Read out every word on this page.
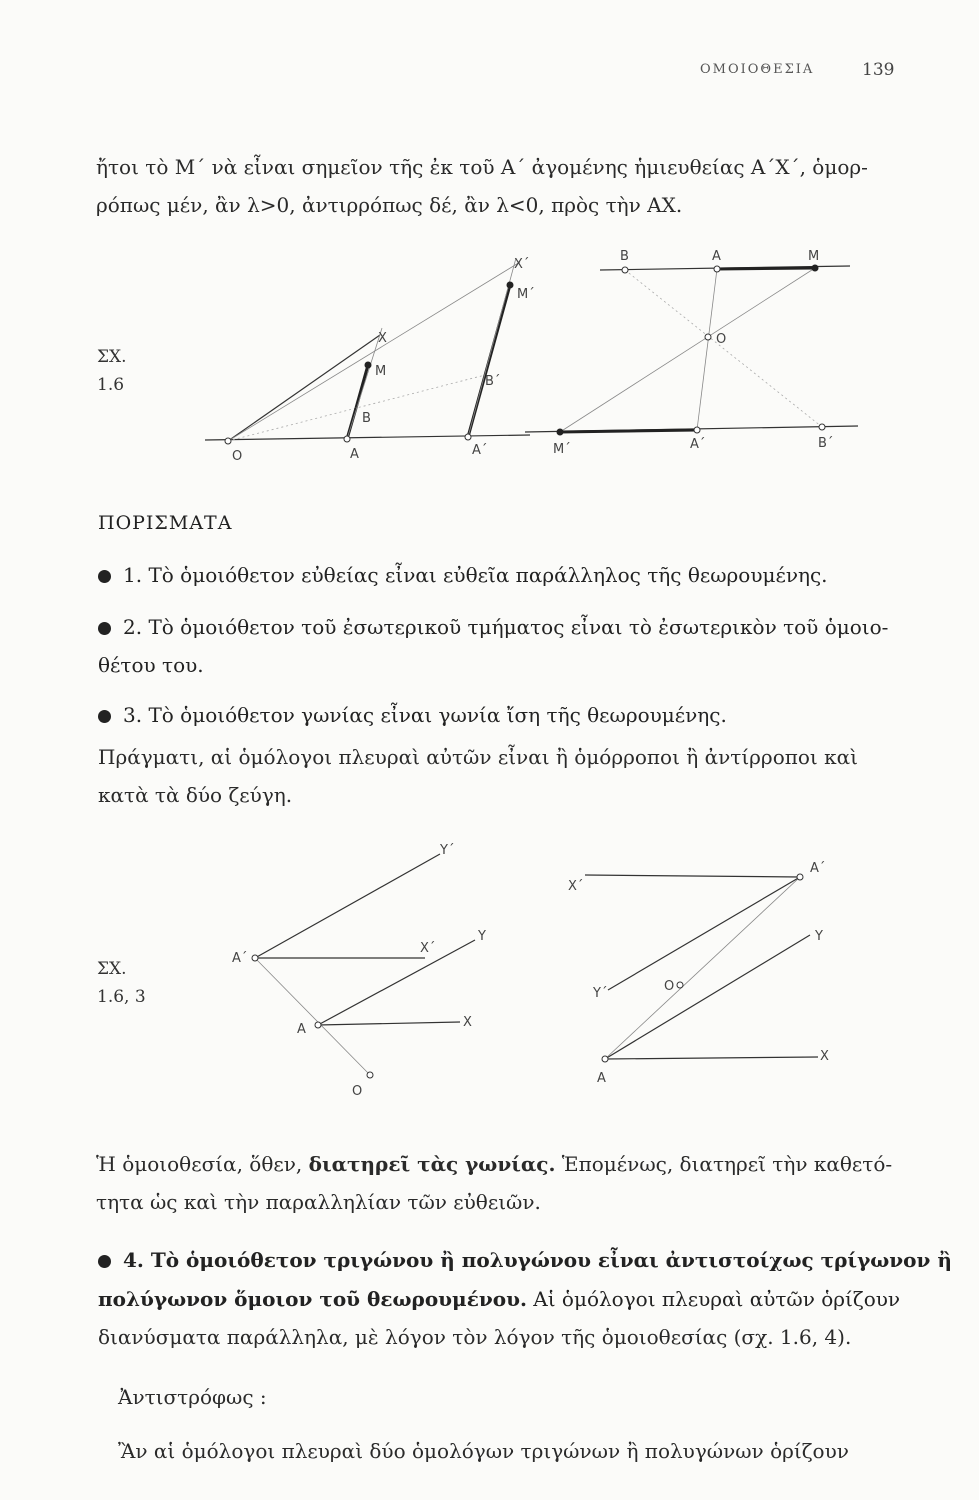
ΟΜΟΙΟΘΕΣΙΑ	139
ἤτοι τὸ Μ΄ νὰ εἶναι σημεῖον τῆς ἐκ τοῦ Α΄ ἀγομένης ἡμιευθείας Α΄Χ΄, ὁμορ-
ρόπως μέν, ἂν λ>0, ἀντιρρόπως δέ, ἂν λ<0, πρὸς τὴν ΑΧ.
ΣΧ.
1.6
O	A	A΄
B
M
X
B΄
M΄
X΄
B	A	M
O
M΄	A΄	B΄
ΠΟΡΙΣΜΑΤΑ
1. Τὸ ὁμοιόθετον εὐθείας εἶναι εὐθεῖα παράλληλος τῆς θεωρουμένης.
2. Τὸ ὁμοιόθετον τοῦ ἐσωτερικοῦ τμήματος εἶναι τὸ ἐσωτερικὸν τοῦ ὁμοιο-
θέτου του.
3. Τὸ ὁμοιόθετον γωνίας εἶναι γωνία ἴση τῆς θεωρουμένης.
Πράγματι, αἱ ὁμόλογοι πλευραὶ αὐτῶν εἶναι ἢ ὁμόρροποι ἢ ἀντίρροποι καὶ
κατὰ τὰ δύο ζεύγη.
ΣΧ.
1.6, 3
Y΄
A΄
X΄
Y
A	X
O
X΄
A΄
Y
Y΄	O
A
X
Ἡ ὁμοιοθεσία, ὅθεν, διατηρεῖ τὰς γωνίας. Ἑπομένως, διατηρεῖ τὴν καθετό-
τητα ὡς καὶ τὴν παραλληλίαν τῶν εὐθειῶν.
4. Τὸ ὁμοιόθετον τριγώνου ἢ πολυγώνου εἶναι ἀντιστοίχως τρίγωνον ἢ
πολύγωνον ὅμοιον τοῦ θεωρουμένου. Αἱ ὁμόλογοι πλευραὶ αὐτῶν ὁρίζουν
διανύσματα παράλληλα, μὲ λόγον τὸν λόγον τῆς ὁμοιοθεσίας (σχ. 1.6, 4).
Ἀντιστρόφως :
Ἂν αἱ ὁμόλογοι πλευραὶ δύο ὁμολόγων τριγώνων ἢ πολυγώνων ὁρίζουν
